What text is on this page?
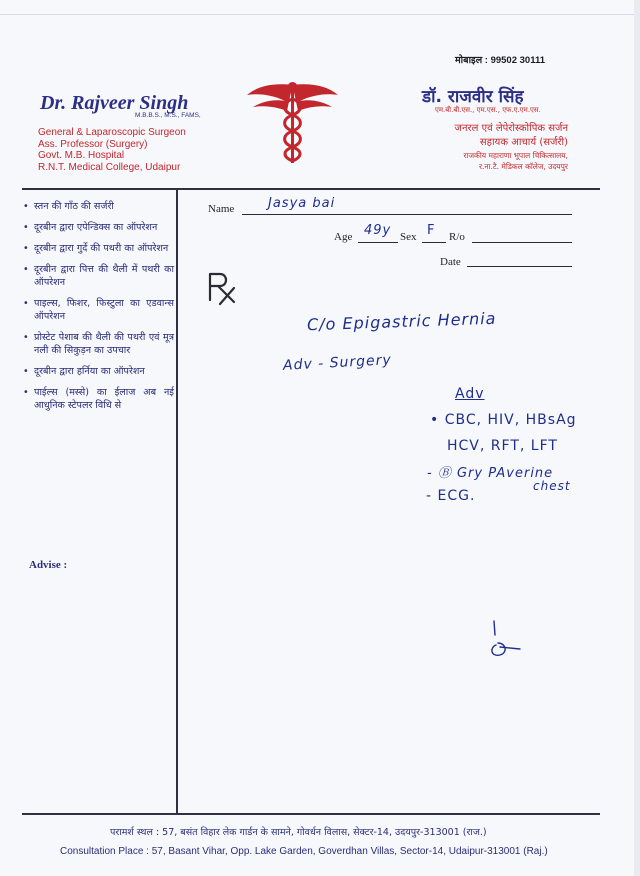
मोबाइल : 99502 30111
Dr. Rajveer Singh
M.B.B.S., M.S., FAMS,
General & Laparoscopic Surgeon
Ass. Professor (Surgery)
Govt. M.B. Hospital
R.N.T. Medical College, Udaipur
डॉ. राजवीर सिंह
एम.बी.बी.एस., एम.एस., एफ.ए.एम.एस.
जनरल एवं लेपेरोस्कोपिक सर्जन
सहायक आचार्य (सर्जरी)
राजकीय महाराणा भूपाल चिकित्सालय,
र.ना.टै. मेडिकल कॉलेज, उदयपुर
• स्तन की गाँठ की सर्जरी
• दूरबीन द्वारा एपेन्डिक्स का ऑपरेशन
• दूरबीन द्वारा गुर्दे की पथरी का ऑपरेशन
• दूरबीन द्वारा पित्त की थैली में पथरी का ऑपरेशन
• पाइल्स, फिशर, फिस्टुला का एडवान्स ऑपरेशन
• प्रोस्टेट पेशाब की थैली की पथरी एवं मूत्र नली की सिकुड़न का उपचार
• दूरबीन द्वारा हर्निया का ऑपरेशन
• पाईल्स (मस्से) का ईलाज अब नई आधुनिक स्टेपलर विधि से
Advise :
Name	Jasya bai
Age 49y Sex F R/o
Date
C/o Epigastric Hernia
Adv - Surgery
Adv
• CBC, HIV, HBsAg
HCV, RFT, LFT
- Ⓑ Gry PAverine
chest
- ECG.
परामर्श स्थल : 57, बसंत विहार लेक गार्डन के सामने, गोवर्धन विलास, सेक्टर-14, उदयपुर-313001 (राज.)
Consultation Place : 57, Basant Vihar, Opp. Lake Garden, Goverdhan Villas, Sector-14, Udaipur-313001 (Raj.)
